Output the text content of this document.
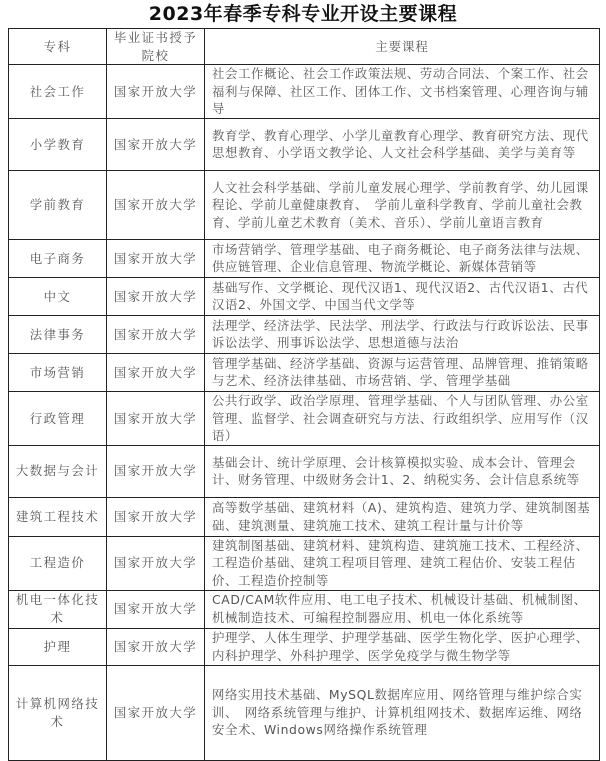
2023年春季专科专业开设主要课程
专科	毕业证书授予院校	主要课程
社会工作	国家开放大学	社会工作概论、社会工作政策法规、劳动合同法、个案工作、社会福利与保障、社区工作、团体工作、文书档案管理、心理咨询与辅导
小学教育	国家开放大学	教育学、教育心理学、小学儿童教育心理学、教育研究方法、现代思想教育、小学语文教学论、人文社会科学基础、美学与美育等
学前教育	国家开放大学	人文社会科学基础、学前儿童发展心理学、学前教育学、幼儿园课程论、学前儿童健康教育、　学前儿童科学教育、学前儿童社会教育、学前儿童艺术教育（美术、音乐）、学前儿童语言教育
电子商务	国家开放大学	市场营销学、管理学基础、电子商务概论、电子商务法律与法规、供应链管理、企业信息管理、物流学概论、新媒体营销等
中文	国家开放大学	基础写作、文学概论、现代汉语1、现代汉语2、古代汉语1、古代汉语2、外国文学、中国当代文学等
法律事务	国家开放大学	法理学、经济法学、民法学、刑法学、行政法与行政诉讼法、民事诉讼法学、刑事诉讼法学、思想道德与法治
市场营销	国家开放大学	管理学基础、经济学基础、资源与运营管理、品牌管理、推销策略与艺术、经济法律基础、市场营销、学、管理学基础
行政管理	国家开放大学	公共行政学、政治学原理、管理学基础、个人与团队管理、办公室管理、监督学、社会调查研究与方法、行政组织学、应用写作（汉语）
大数据与会计	国家开放大学	基础会计、统计学原理、会计核算模拟实验、成本会计、管理会计、财务管理、中级财务会计1、2、纳税实务、会计信息系统等
建筑工程技术	国家开放大学	高等数学基础、建筑材料（A)、建筑构造、建筑力学、建筑制图基础、建筑测量、建筑施工技术、建筑工程计量与计价等
工程造价	国家开放大学	建筑制图基础、建筑材料、建筑构造、建筑施工技术、工程经济、工程造价基础、建筑工程项目管理、建筑工程估价、安装工程估价、工程造价控制等
机电一体化技术	国家开放大学	CAD/CAM软件应用、电工电子技术、机械设计基础、机械制图、机械制造技术、可编程控制器应用、机电一体化系统等
护理	国家开放大学	护理学、人体生理学、护理学基础、医学生物化学、医护心理学、内科护理学、外科护理学、医学免疫学与微生物学等
计算机网络技术	国家开放大学	网络实用技术基础、MySQL数据库应用、网络管理与维护综合实训、　网络系统管理与维护、计算机组网技术、数据库运维、网络安全术、Windows网络操作系统管理
